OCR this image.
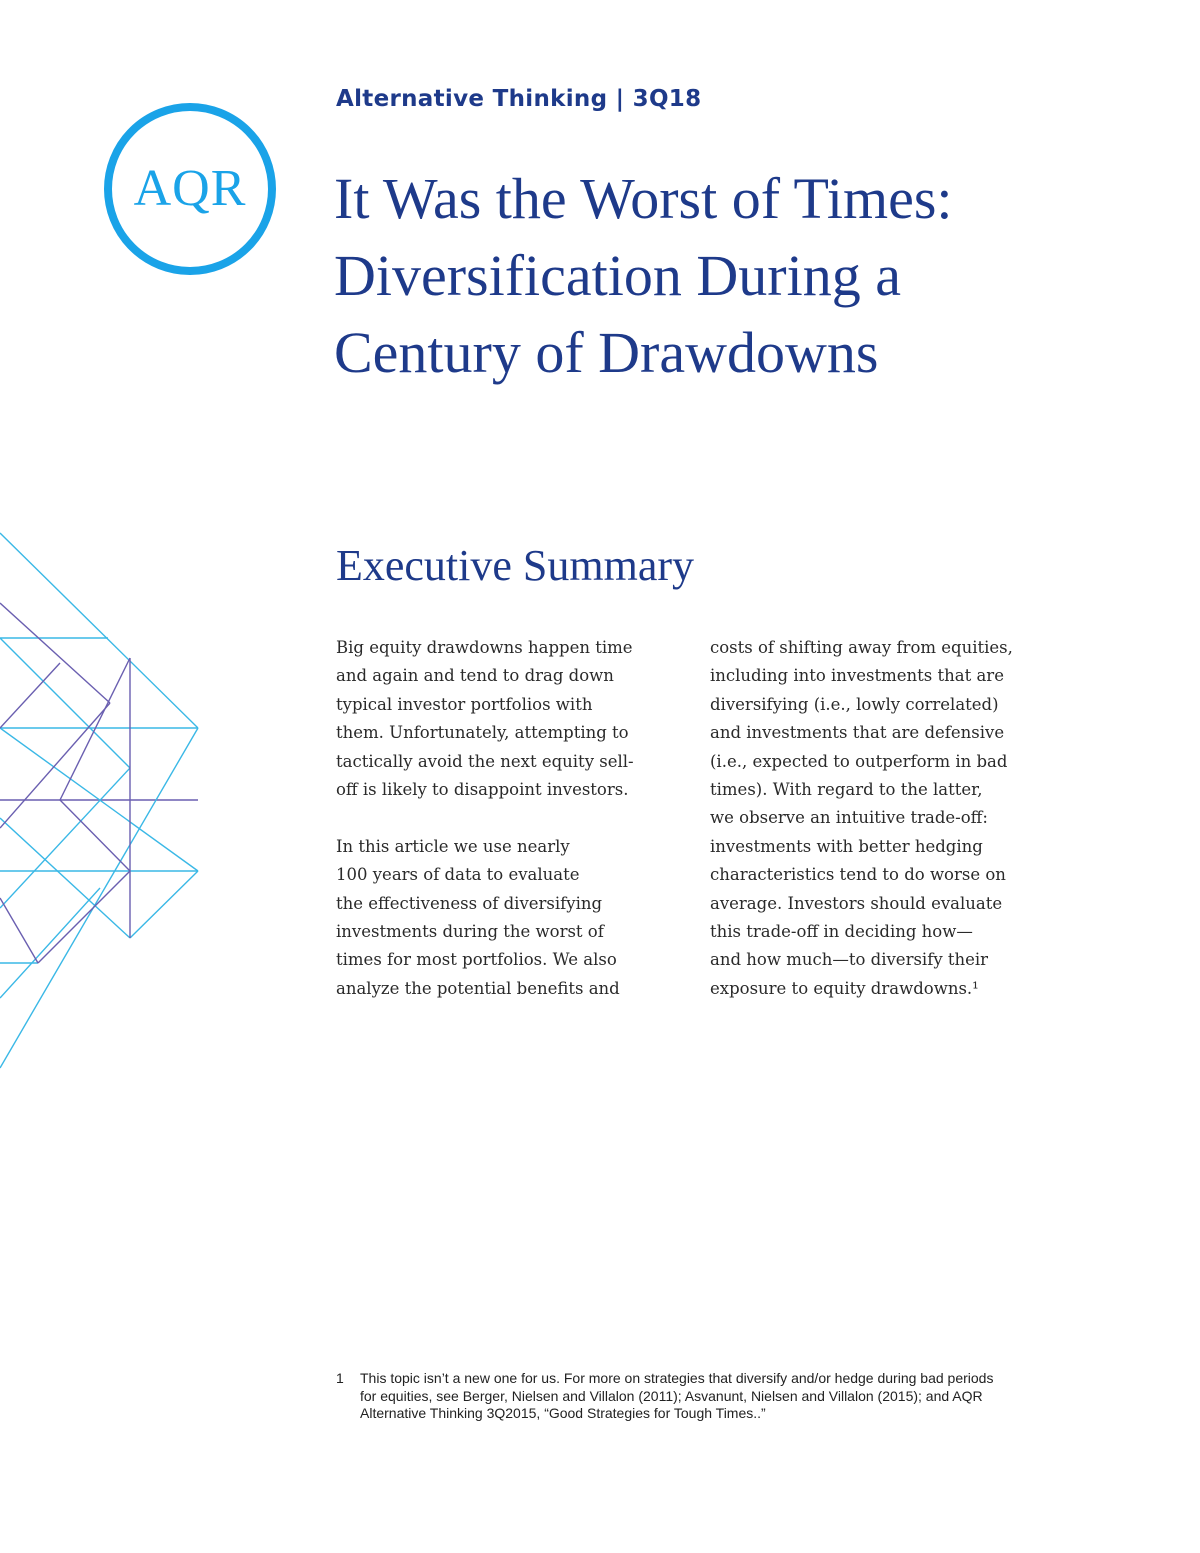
AQR
Alternative Thinking | 3Q18
It Was the Worst of Times:
Diversification During a
Century of Drawdowns
Executive Summary

Big equity drawdowns happen time
and again and tend to drag down
typical investor portfolios with
them. Unfortunately, attempting to
tactically avoid the next equity sell-
off is likely to disappoint investors.

In this article we use nearly
100 years of data to evaluate
the effectiveness of diversifying
investments during the worst of
times for most portfolios. We also
analyze the potential benefits and

costs of shifting away from equities,
including into investments that are
diversifying (i.e., lowly correlated)
and investments that are defensive
(i.e., expected to outperform in bad
times). With regard to the latter,
we observe an intuitive trade-off:
investments with better hedging
characteristics tend to do worse on
average. Investors should evaluate
this trade-off in deciding how—
and how much—to diversify their
exposure to equity drawdowns.¹

1 This topic isn’t a new one for us. For more on strategies that diversify and/or hedge during bad periods
for equities, see Berger, Nielsen and Villalon (2011); Asvanunt, Nielsen and Villalon (2015); and AQR
Alternative Thinking 3Q2015, “Good Strategies for Tough Times..”
